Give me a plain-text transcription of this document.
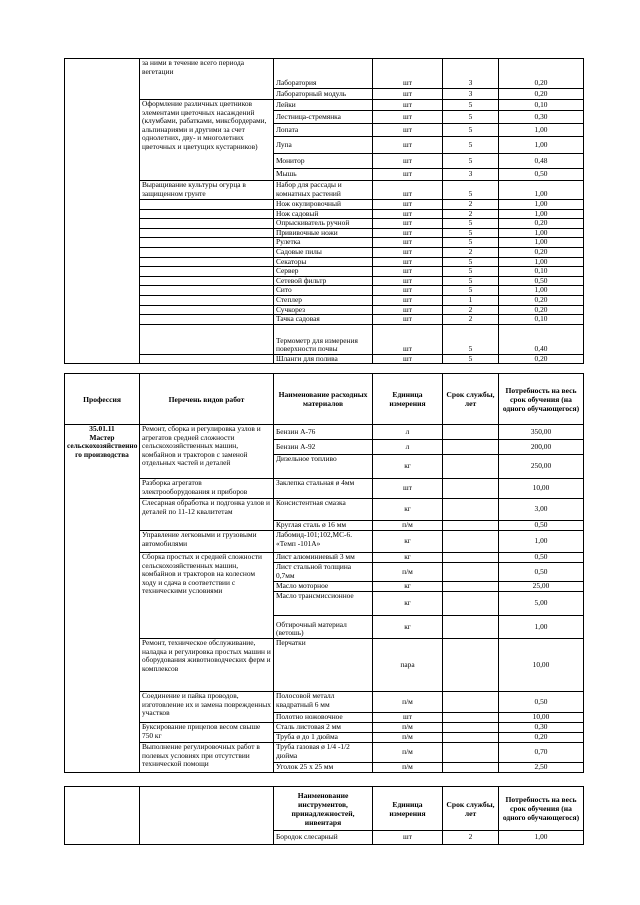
	за ними в течение всего периода вегетации	Лаборатория	шт	3	0,20
		Лабораторный модуль	шт	3	0,20
	Оформление различных цветников элементами цветочных насаждений (клумбами, рабатками, миксбордерами, альпинариями и другими за счет однолетних, дву- и многолетних цветочных и цветущих кустарников)	Лейки	шт	5	0,10
		Лестница-стремянка	шт	5	0,30
		Лопата	шт	5	1,00
		Лупа	шт	5	1,00
		Монитор	шт	5	0,48
		Мышь	шт	3	0,50
	Выращивание культуры огурца в защищенном грунте	Набор для рассады и комнатных растений	шт	5	1,00
		Нож окулировочный	шт	2	1,00
		Нож садовый	шт	2	1,00
		Опрыскиватель ручной	шт	5	0,20
		Прививочные ножи	шт	5	1,00
		Рулетка	шт	5	1,00
		Садовые пилы	шт	2	0,20
		Секаторы	шт	5	1,00
		Сервер	шт	5	0,10
		Сетевой фильтр	шт	5	0,50
		Сито	шт	5	1,00
		Степлер	шт	1	0,20
		Сучкорез	шт	2	0,20
		Тачка садовая	шт	2	0,10
		Термометр для измерения поверхности почвы	шт	5	0,40
		Шланги для полива	шт	5	0,20
Профессия	Перечень видов работ	Наименование расходных материалов	Единица измерения	Срок службы, лет	Потребность на весь срок обучения (на одного обучающегося)

35.01.11
Мастер сельскохозяйственно го производства	Ремонт, сборка и регулировка узлов и агрегатов средней сложности сельскохозяйственных машин, комбайнов и тракторов с заменой отдельных частей и деталей	Бензин А-76	л		350,00
		Бензин А-92	л		200,00
		Дизельное топливо	кг		250,00
	Разборка агрегатов электрооборудования и приборов	Заклепка стальная ø 4мм	шт		10,00
	Слесарная обработка и подгонка узлов и деталей по 11-12 квалитетам	Консистентная смазка	кг		3,00
		Круглая сталь ø 16 мм	п/м		0,50
	Управление легковыми и грузовыми автомобилями	Лабомид-101;102,МС-6. «Темп -101А»	кг		1,00
	Сборка простых и средней сложности сельскохозяйственных машин, комбайнов и тракторов на колесном ходу и сдача в соответствии с техническими условиями	Лист алюминиевый 3 мм	кг		0,50
		Лист стальной толщина 0,7мм	п/м		0,50
		Масло моторное	кг		25,00
		Масло трансмиссионное	кг		5,00
		Обтирочный материал (ветошь)	кг		1,00
	Ремонт, техническое обслуживание, наладка и регулировка простых машин и оборудования животноводческих ферм и комплексов	Перчатки	пара		10,00
	Соединение и пайка проводов, изготовление их и замена поврежденных участков	Полосовой металл квадратный 6 мм	п/м		0,50
		Полотно ножовочное	шт		10,00
	Буксирование прицепов весом свыше 750 кг	Сталь листовая 2 мм	п/м		0,30
		Труба ø до 1 дюйма	п/м		0,20
	Выполнение регулировочных работ в полевых условиях при отсутствии технической помощи	Труба газовая ø 1/4 -1/2 дюйма	п/м		0,70
		Уголок 25 х 25 мм	п/м		2,50
		Наименование инструментов, принадлежностей, инвентаря	Единица измерения	Срок службы, лет	Потребность на весь срок обучения (на одного обучающегося)
		Бородок слесарный	шт	2	1,00
